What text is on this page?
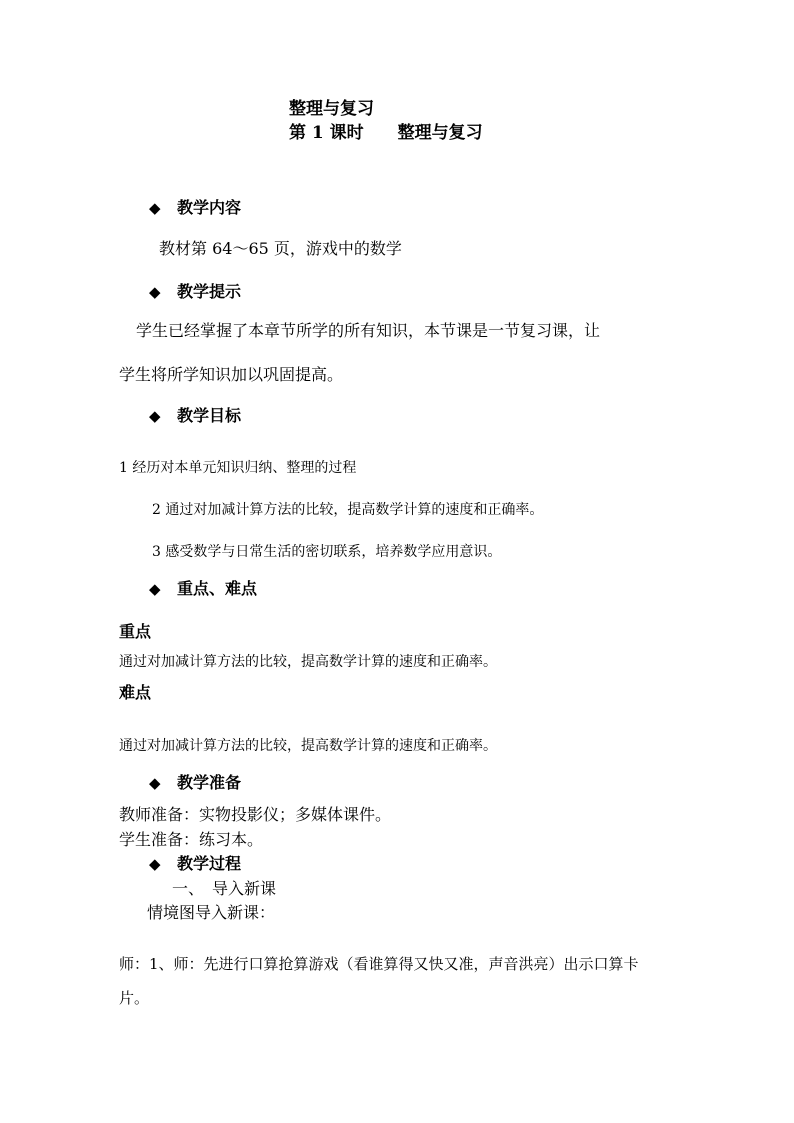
整理与复习
第 1 课时 整理与复习
◆ 教学内容
教材第 64～65 页，游戏中的数学
◆ 教学提示
学生已经掌握了本章节所学的所有知识，本节课是一节复习课，让
学生将所学知识加以巩固提高。
◆ 教学目标
1 经历对本单元知识归纳、整理的过程
2 通过对加减计算方法的比较，提高数学计算的速度和正确率。
3 感受数学与日常生活的密切联系，培养数学应用意识。
◆ 重点、难点
重点
通过对加减计算方法的比较，提高数学计算的速度和正确率。
难点
通过对加减计算方法的比较，提高数学计算的速度和正确率。
◆ 教学准备
教师准备：实物投影仪；多媒体课件。
学生准备：练习本。
◆ 教学过程
一、　导入新课
情境图导入新课：
师：1、师：先进行口算抢算游戏（看谁算得又快又准，声音洪亮）出示口算卡
片。
